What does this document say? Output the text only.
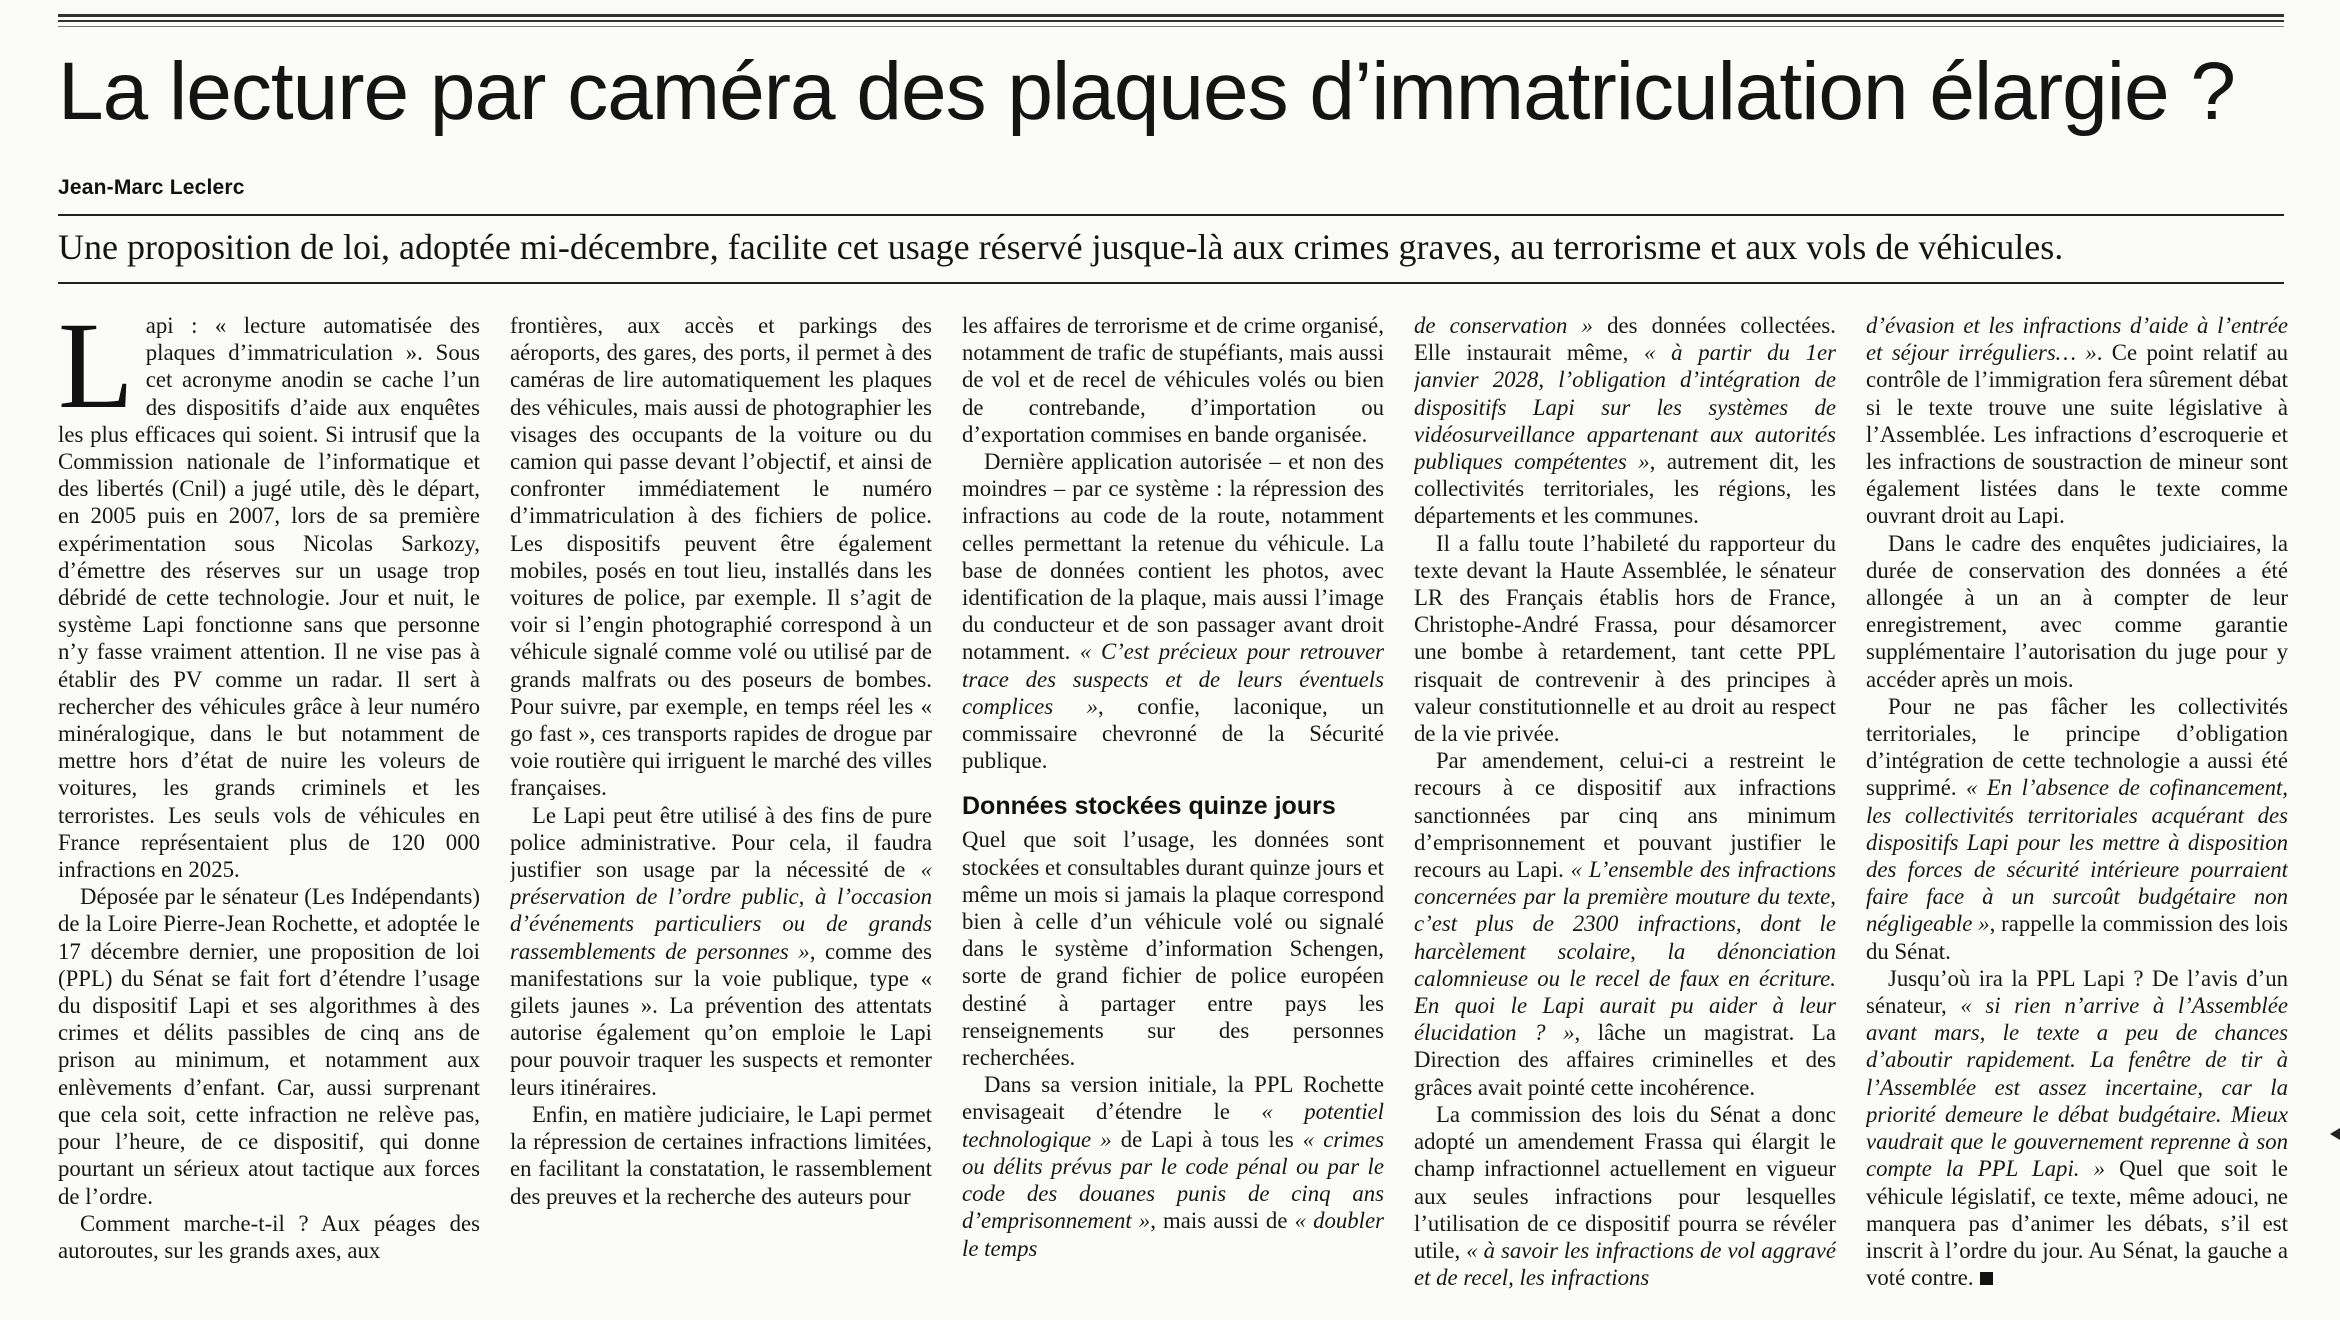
La lecture par caméra des plaques d’immatriculation élargie ?

Jean-Marc Leclerc

Une proposition de loi, adoptée mi-décembre, facilite cet usage réservé jusque-là aux crimes graves, au terrorisme et aux vols de véhicules.

L api : « lecture automatisée des plaques d’immatriculation ». Sous cet acronyme anodin se cache l’un des dispositifs d’aide aux enquêtes les plus efficaces qui soient. Si intrusif que la Commission nationale de l’informatique et des libertés (Cnil) a jugé utile, dès le départ, en 2005 puis en 2007, lors de sa première expérimentation sous Nicolas Sarkozy, d’émettre des réserves sur un usage trop débridé de cette technologie. Jour et nuit, le système Lapi fonctionne sans que personne n’y fasse vraiment attention. Il ne vise pas à établir des PV comme un radar. Il sert à rechercher des véhicules grâce à leur numéro minéralogique, dans le but notamment de mettre hors d’état de nuire les voleurs de voitures, les grands criminels et les terroristes. Les seuls vols de véhicules en France représentaient plus de 120 000 infractions en 2025.

Déposée par le sénateur (Les Indépendants) de la Loire Pierre-Jean Rochette, et adoptée le 17 décembre dernier, une proposition de loi (PPL) du Sénat se fait fort d’étendre l’usage du dispositif Lapi et ses algorithmes à des crimes et délits passibles de cinq ans de prison au minimum, et notamment aux enlèvements d’enfant. Car, aussi surprenant que cela soit, cette infraction ne relève pas, pour l’heure, de ce dispositif, qui donne pourtant un sérieux atout tactique aux forces de l’ordre.

Comment marche-t-il ? Aux péages des autoroutes, sur les grands axes, aux

frontières, aux accès et parkings des aéroports, des gares, des ports, il permet à des caméras de lire automatiquement les plaques des véhicules, mais aussi de photographier les visages des occupants de la voiture ou du camion qui passe devant l’objectif, et ainsi de confronter immédiatement le numéro d’immatriculation à des fichiers de police. Les dispositifs peuvent être également mobiles, posés en tout lieu, installés dans les voitures de police, par exemple. Il s’agit de voir si l’engin photographié correspond à un véhicule signalé comme volé ou utilisé par de grands malfrats ou des poseurs de bombes. Pour suivre, par exemple, en temps réel les « go fast », ces transports rapides de drogue par voie routière qui irriguent le marché des villes françaises.

Le Lapi peut être utilisé à des fins de pure police administrative. Pour cela, il faudra justifier son usage par la nécessité de « préservation de l’ordre public, à l’occasion d’événements particuliers ou de grands rassemblements de personnes », comme des manifestations sur la voie publique, type « gilets jaunes ». La prévention des attentats autorise également qu’on emploie le Lapi pour pouvoir traquer les suspects et remonter leurs itinéraires.

Enfin, en matière judiciaire, le Lapi permet la répression de certaines infractions limitées, en facilitant la constatation, le rassemblement des preuves et la recherche des auteurs pour

les affaires de terrorisme et de crime organisé, notamment de trafic de stupéfiants, mais aussi de vol et de recel de véhicules volés ou bien de contrebande, d’importation ou d’exportation commises en bande organisée.

Dernière application autorisée – et non des moindres – par ce système : la répression des infractions au code de la route, notamment celles permettant la retenue du véhicule. La base de données contient les photos, avec identification de la plaque, mais aussi l’image du conducteur et de son passager avant droit notamment. « C’est précieux pour retrouver trace des suspects et de leurs éventuels complices », confie, laconique, un commissaire chevronné de la Sécurité publique.

Données stockées quinze jours

Quel que soit l’usage, les données sont stockées et consultables durant quinze jours et même un mois si jamais la plaque correspond bien à celle d’un véhicule volé ou signalé dans le système d’information Schengen, sorte de grand fichier de police européen destiné à partager entre pays les renseignements sur des personnes recherchées.

Dans sa version initiale, la PPL Rochette envisageait d’étendre le « potentiel technologique » de Lapi à tous les « crimes ou délits prévus par le code pénal ou par le code des douanes punis de cinq ans d’emprisonnement », mais aussi de « doubler le temps

de conservation » des données collectées. Elle instaurait même, « à partir du 1er janvier 2028, l’obligation d’intégration de dispositifs Lapi sur les systèmes de vidéosurveillance appartenant aux autorités publiques compétentes », autrement dit, les collectivités territoriales, les régions, les départements et les communes.

Il a fallu toute l’habileté du rapporteur du texte devant la Haute Assemblée, le sénateur LR des Français établis hors de France, Christophe-André Frassa, pour désamorcer une bombe à retardement, tant cette PPL risquait de contrevenir à des principes à valeur constitutionnelle et au droit au respect de la vie privée.

Par amendement, celui-ci a restreint le recours à ce dispositif aux infractions sanctionnées par cinq ans minimum d’emprisonnement et pouvant justifier le recours au Lapi. « L’ensemble des infractions concernées par la première mouture du texte, c’est plus de 2300 infractions, dont le harcèlement scolaire, la dénonciation calomnieuse ou le recel de faux en écriture. En quoi le Lapi aurait pu aider à leur élucidation ? », lâche un magistrat. La Direction des affaires criminelles et des grâces avait pointé cette incohérence.

La commission des lois du Sénat a donc adopté un amendement Frassa qui élargit le champ infractionnel actuellement en vigueur aux seules infractions pour lesquelles l’utilisation de ce dispositif pourra se révéler utile, « à savoir les infractions de vol aggravé et de recel, les infractions

d’évasion et les infractions d’aide à l’entrée et séjour irréguliers… ». Ce point relatif au contrôle de l’immigration fera sûrement débat si le texte trouve une suite législative à l’Assemblée. Les infractions d’escroquerie et les infractions de soustraction de mineur sont également listées dans le texte comme ouvrant droit au Lapi.

Dans le cadre des enquêtes judiciaires, la durée de conservation des données a été allongée à un an à compter de leur enregistrement, avec comme garantie supplémentaire l’autorisation du juge pour y accéder après un mois.

Pour ne pas fâcher les collectivités territoriales, le principe d’obligation d’intégration de cette technologie a aussi été supprimé. « En l’absence de cofinancement, les collectivités territoriales acquérant des dispositifs Lapi pour les mettre à disposition des forces de sécurité intérieure pourraient faire face à un surcoût budgétaire non négligeable », rappelle la commission des lois du Sénat.

Jusqu’où ira la PPL Lapi ? De l’avis d’un sénateur, « si rien n’arrive à l’Assemblée avant mars, le texte a peu de chances d’aboutir rapidement. La fenêtre de tir à l’Assemblée est assez incertaine, car la priorité demeure le débat budgétaire. Mieux vaudrait que le gouvernement reprenne à son compte la PPL Lapi. » Quel que soit le véhicule législatif, ce texte, même adouci, ne manquera pas d’animer les débats, s’il est inscrit à l’ordre du jour. Au Sénat, la gauche a voté contre.
